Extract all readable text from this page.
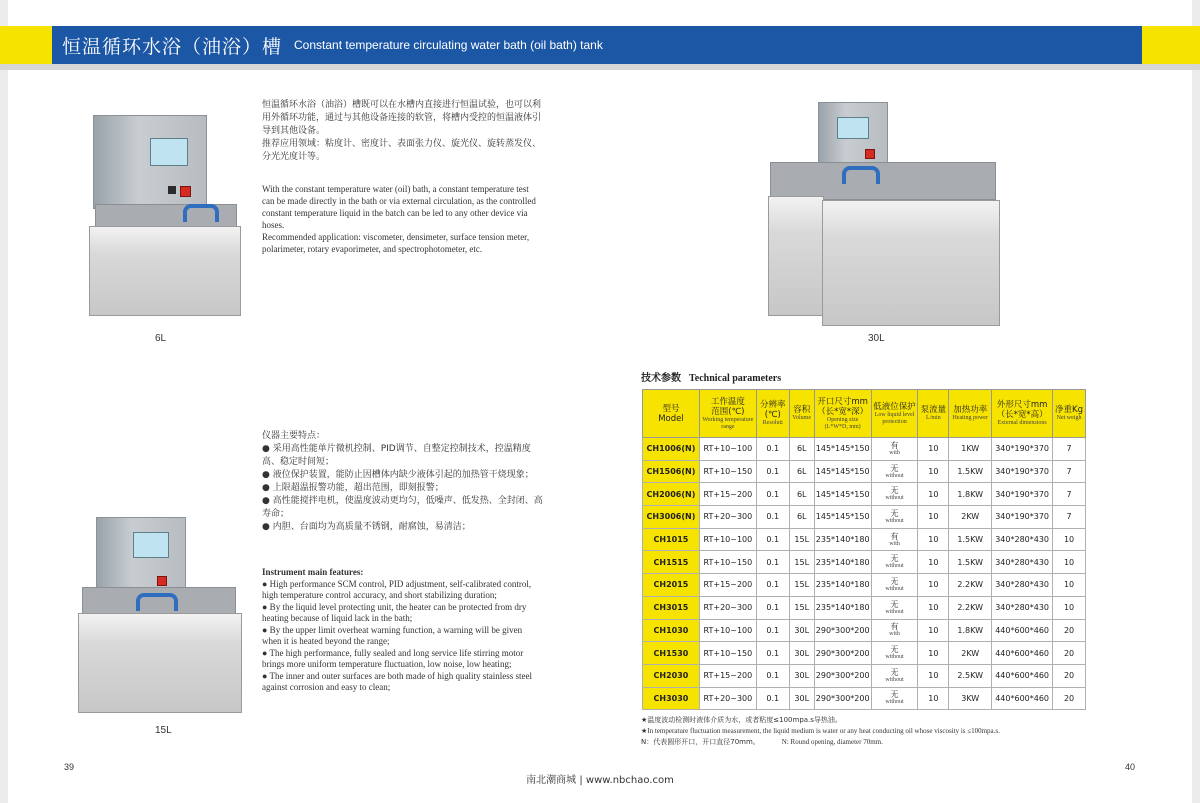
恒温循环水浴（油浴）槽 Constant temperature circulating water bath (oil bath) tank
6L	30L
15L
恒温循环水浴（油浴）槽既可以在水槽内直接进行恒温试验，也可以利
用外循环功能，通过与其他设备连接的软管，将槽内受控的恒温液体引
导到其他设备。
推荐应用领域：粘度计、密度计、表面张力仪、旋光仪、旋转蒸发仪、
分光光度计等。
With the constant temperature water (oil) bath, a constant temperature test
can be made directly in the bath or via external circulation, as the controlled
constant temperature liquid in the batch can be led to any other device via
hoses.
Recommended application: viscometer, densimeter, surface tension meter,
polarimeter, rotary evaporimeter, and spectrophotometer, etc.
仪器主要特点：
● 采用高性能单片微机控制、PID调节、自整定控制技术，控温精度
高、稳定时间短；
● 液位保护装置，能防止因槽体内缺少液体引起的加热管干烧现象；
● 上限超温报警功能，超出范围，即刻报警；
● 高性能搅拌电机，使温度波动更均匀，低噪声、低发热、全封闭、高
寿命；
● 内胆、台面均为高质量不锈钢，耐腐蚀，易清洁；
Instrument main features:
● High performance SCM control, PID adjustment, self-calibrated control,
high temperature control accuracy, and short stabilizing duration;
● By the liquid level protecting unit, the heater can be protected from dry
heating because of liquid lack in the bath;
● By the upper limit overheat warning function, a warning will be given
when it is heated beyond the range;
● The high performance, fully sealed and long service life stirring motor
brings more uniform temperature fluctuation, low noise, low heating;
● The inner and outer surfaces are both made of high quality stainless steel
against corrosion and easy to clean;
技术参数 Technical parameters
型号
Model	工作温度
范围(℃)
Working temperature range	分辨率
(℃)
Resoluti	容积
Volume	开口尺寸mm
（长*宽*深）
Opening size (L*W*D, mm)	低液位保护
Low liquid level protection	泵流量
L/min	加热功率
Heating power	外形尺寸mm
（长*宽*高）
External dimensions	净重Kg
Net weigh

CH1006(N)	RT+10~100	0.1	6L	145*145*150	有
with	10	1KW	340*190*370	7
CH1506(N)	RT+10~150	0.1	6L	145*145*150	无
without	10	1.5KW	340*190*370	7
CH2006(N)	RT+15~200	0.1	6L	145*145*150	无
without	10	1.8KW	340*190*370	7
CH3006(N)	RT+20~300	0.1	6L	145*145*150	无
without	10	2KW	340*190*370	7
CH1015	RT+10~100	0.1	15L	235*140*180	有
with	10	1.5KW	340*280*430	10
CH1515	RT+10~150	0.1	15L	235*140*180	无
without	10	1.5KW	340*280*430	10
CH2015	RT+15~200	0.1	15L	235*140*180	无
without	10	2.2KW	340*280*430	10
CH3015	RT+20~300	0.1	15L	235*140*180	无
without	10	2.2KW	340*280*430	10
CH1030	RT+10~100	0.1	30L	290*300*200	有
with	10	1.8KW	440*600*460	20
CH1530	RT+10~150	0.1	30L	290*300*200	无
without	10	2KW	440*600*460	20
CH2030	RT+15~200	0.1	30L	290*300*200	无
without	10	2.5KW	440*600*460	20
CH3030	RT+20~300	0.1	30L	290*300*200	无
without	10	3KW	440*600*460	20
★温度波动检测时液体介质为水，或者粘度≤100mpa.s导热油。
★In temperature fluctuation measurement, the liquid medium is water or any heat conducting oil whose viscosity is ≤100mpa.s.
N：代表圆形开口，开口直径70mm。	N: Round opening, diameter 70mm.
39	40
南北潮商城 | www.nbchao.com
